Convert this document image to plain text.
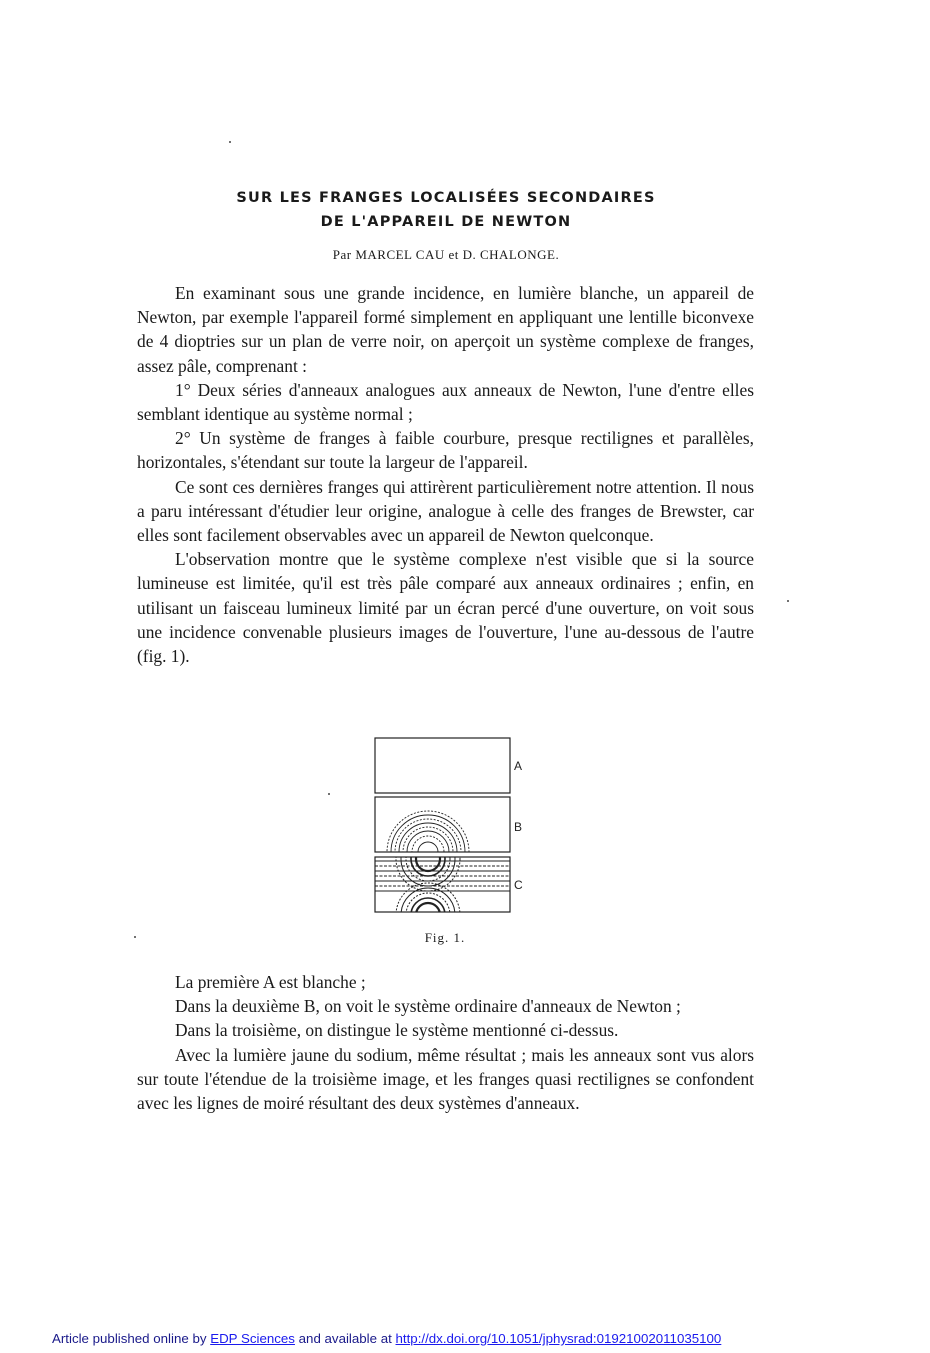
SUR LES FRANGES LOCALISÉES SECONDAIRES
DE L'APPAREIL DE NEWTON
Par MARCEL CAU et D. CHALONGE.

En examinant sous une grande incidence, en lumière blanche, un appareil de Newton, par exemple l'appareil formé simplement en appliquant une lentille biconvexe de 4 dioptries sur un plan de verre noir, on aperçoit un système complexe de franges, assez pâle, comprenant :

1° Deux séries d'anneaux analogues aux anneaux de Newton, l'une d'entre elles semblant identique au système normal ;

2° Un système de franges à faible courbure, presque rectilignes et parallèles, horizontales, s'étendant sur toute la largeur de l'appareil.

Ce sont ces dernières franges qui attirèrent particulièrement notre attention. Il nous a paru intéressant d'étudier leur origine, analogue à celle des franges de Brewster, car elles sont facilement observables avec un appareil de Newton quelconque.

L'observation montre que le système complexe n'est visible que si la source lumineuse est limitée, qu'il est très pâle comparé aux anneaux ordinaires ; enfin, en utilisant un faisceau lumineux limité par un écran percé d'une ouverture, on voit sous une incidence convenable plusieurs images de l'ouverture, l'une au-dessous de l'autre (fig. 1).

A
B
C
Fig. 1.

La première A est blanche ;

Dans la deuxième B, on voit le système ordinaire d'anneaux de Newton ;

Dans la troisième, on distingue le système mentionné ci-dessus.

Avec la lumière jaune du sodium, même résultat ; mais les anneaux sont vus alors sur toute l'étendue de la troisième image, et les franges quasi rectilignes se confondent avec les lignes de moiré résultant des deux systèmes d'anneaux.

Article published online by EDP Sciences and available at http://dx.doi.org/10.1051/jphysrad:01921002011035100
